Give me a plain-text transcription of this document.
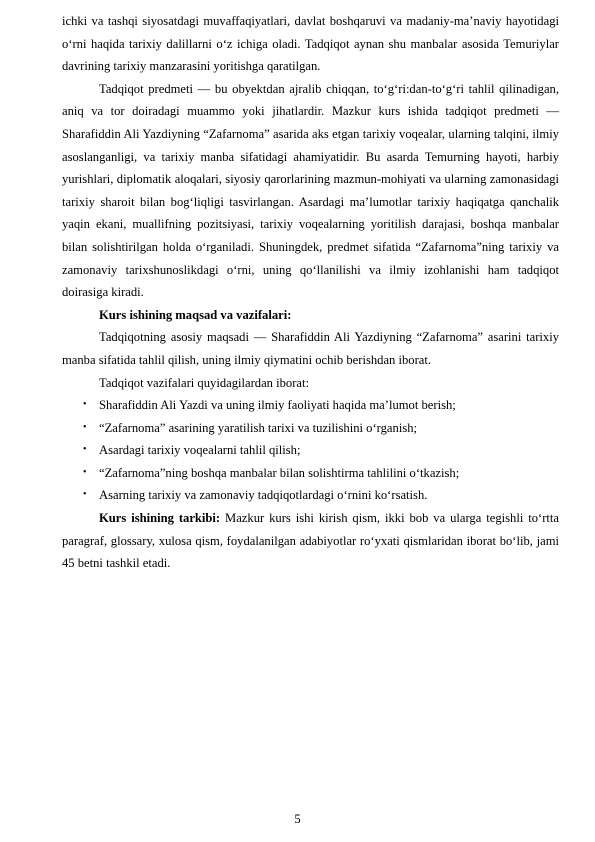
ichki va tashqi siyosatdagi muvaffaqiyatlari, davlat boshqaruvi va madaniy-ma’naviy hayotidagi o‘rni haqida tarixiy dalillarni o‘z ichiga oladi. Tadqiqot aynan shu manbalar asosida Temuriylar davrining tarixiy manzarasini yoritishga qaratilgan.

Tadqiqot predmeti — bu obyektdan ajralib chiqqan, to‘g‘ri:dan-to‘g‘ri tahlil qilinadigan, aniq va tor doiradagi muammo yoki jihatlardir. Mazkur kurs ishida tadqiqot predmeti — Sharafiddin Ali Yazdiyning “Zafarnoma” asarida aks etgan tarixiy voqealar, ularning talqini, ilmiy asoslanganligi, va tarixiy manba sifatidagi ahamiyatidir. Bu asarda Temurning hayoti, harbiy yurishlari, diplomatik aloqalari, siyosiy qarorlarining mazmun-mohiyati va ularning zamonasidagi tarixiy sharoit bilan bog‘liqligi tasvirlangan. Asardagi ma’lumotlar tarixiy haqiqatga qanchalik yaqin ekani, muallifning pozitsiyasi, tarixiy voqealarning yoritilish darajasi, boshqa manbalar bilan solishtirilgan holda o‘rganiladi. Shuningdek, predmet sifatida “Zafarnoma”ning tarixiy va zamonaviy tarixshunoslikdagi o‘rni, uning qo‘llanilishi va ilmiy izohlanishi ham tadqiqot doirasiga kiradi.

Kurs ishining maqsad va vazifalari:

Tadqiqotning asosiy maqsadi — Sharafiddin Ali Yazdiyning “Zafarnoma” asarini tarixiy manba sifatida tahlil qilish, uning ilmiy qiymatini ochib berishdan iborat.

Tadqiqot vazifalari quyidagilardan iborat:

• Sharafiddin Ali Yazdi va uning ilmiy faoliyati haqida ma’lumot berish;
• “Zafarnoma” asarining yaratilish tarixi va tuzilishini o‘rganish;
• Asardagi tarixiy voqealarni tahlil qilish;
• “Zafarnoma”ning boshqa manbalar bilan solishtirma tahlilini o‘tkazish;
• Asarning tarixiy va zamonaviy tadqiqotlardagi o‘rnini ko‘rsatish.

Kurs ishining tarkibi: Mazkur kurs ishi kirish qism, ikki bob va ularga tegishli to‘rtta paragraf, glossary, xulosa qism, foydalanilgan adabiyotlar ro‘yxati qismlaridan iborat bo‘lib, jami 45 betni tashkil etadi.

5
